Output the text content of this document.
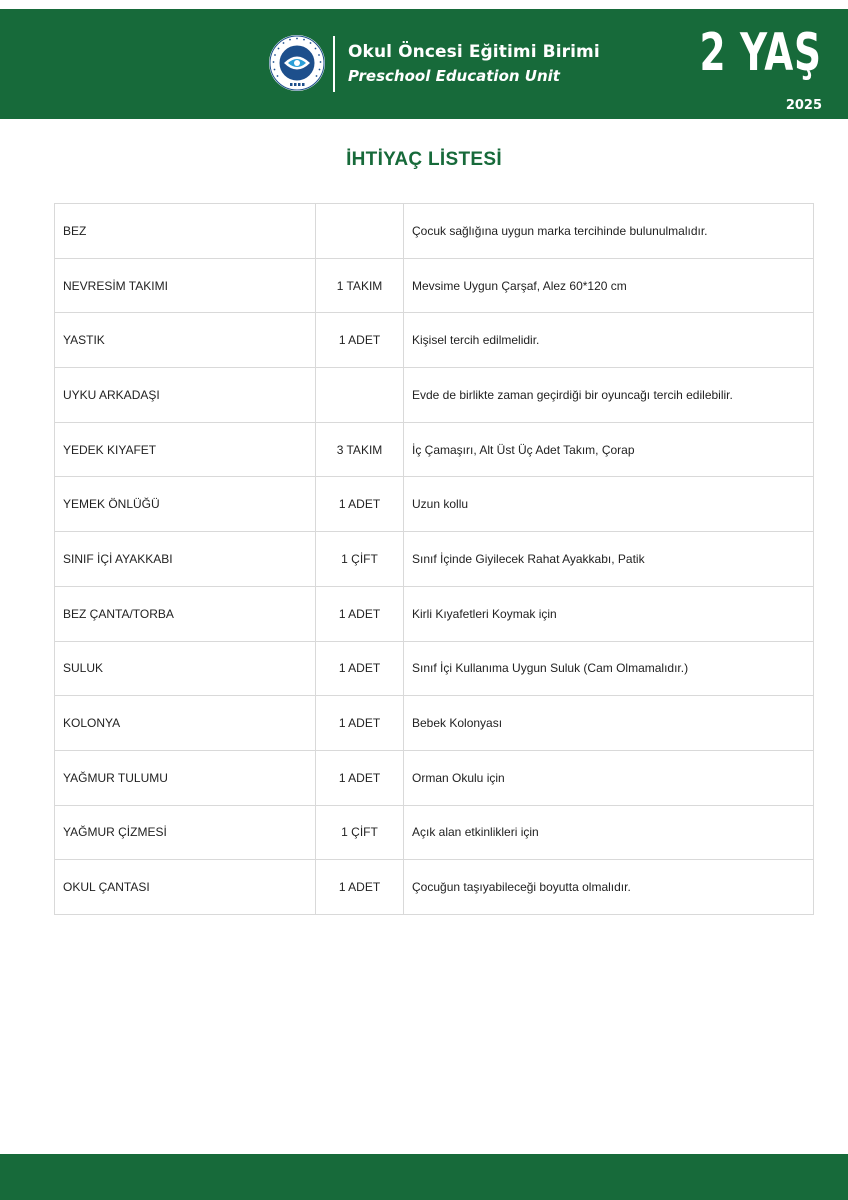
Okul Öncesi Eğitimi Birimi
Preschool Education Unit	2 YAŞ
2025
İHTİYAÇ LİSTESİ
BEZ		Çocuk sağlığına uygun marka tercihinde bulunulmalıdır.
NEVRESİM TAKIMI	1 TAKIM	Mevsime Uygun Çarşaf, Alez 60*120 cm
YASTIK	1 ADET	Kişisel tercih edilmelidir.
UYKU ARKADAŞI		Evde de birlikte zaman geçirdiği bir oyuncağı tercih edilebilir.
YEDEK KIYAFET	3 TAKIM	İç Çamaşırı, Alt Üst Üç Adet Takım, Çorap
YEMEK ÖNLÜĞÜ	1 ADET	Uzun kollu
SINIF İÇİ AYAKKABI	1 ÇİFT	Sınıf İçinde Giyilecek Rahat Ayakkabı, Patik
BEZ ÇANTA/TORBA	1 ADET	Kirli Kıyafetleri Koymak için
SULUK	1 ADET	Sınıf İçi Kullanıma Uygun Suluk (Cam Olmamalıdır.)
KOLONYA	1 ADET	Bebek Kolonyası
YAĞMUR TULUMU	1 ADET	Orman Okulu için
YAĞMUR ÇİZMESİ	1 ÇİFT	Açık alan etkinlikleri için
OKUL ÇANTASI	1 ADET	Çocuğun taşıyabileceği boyutta olmalıdır.
